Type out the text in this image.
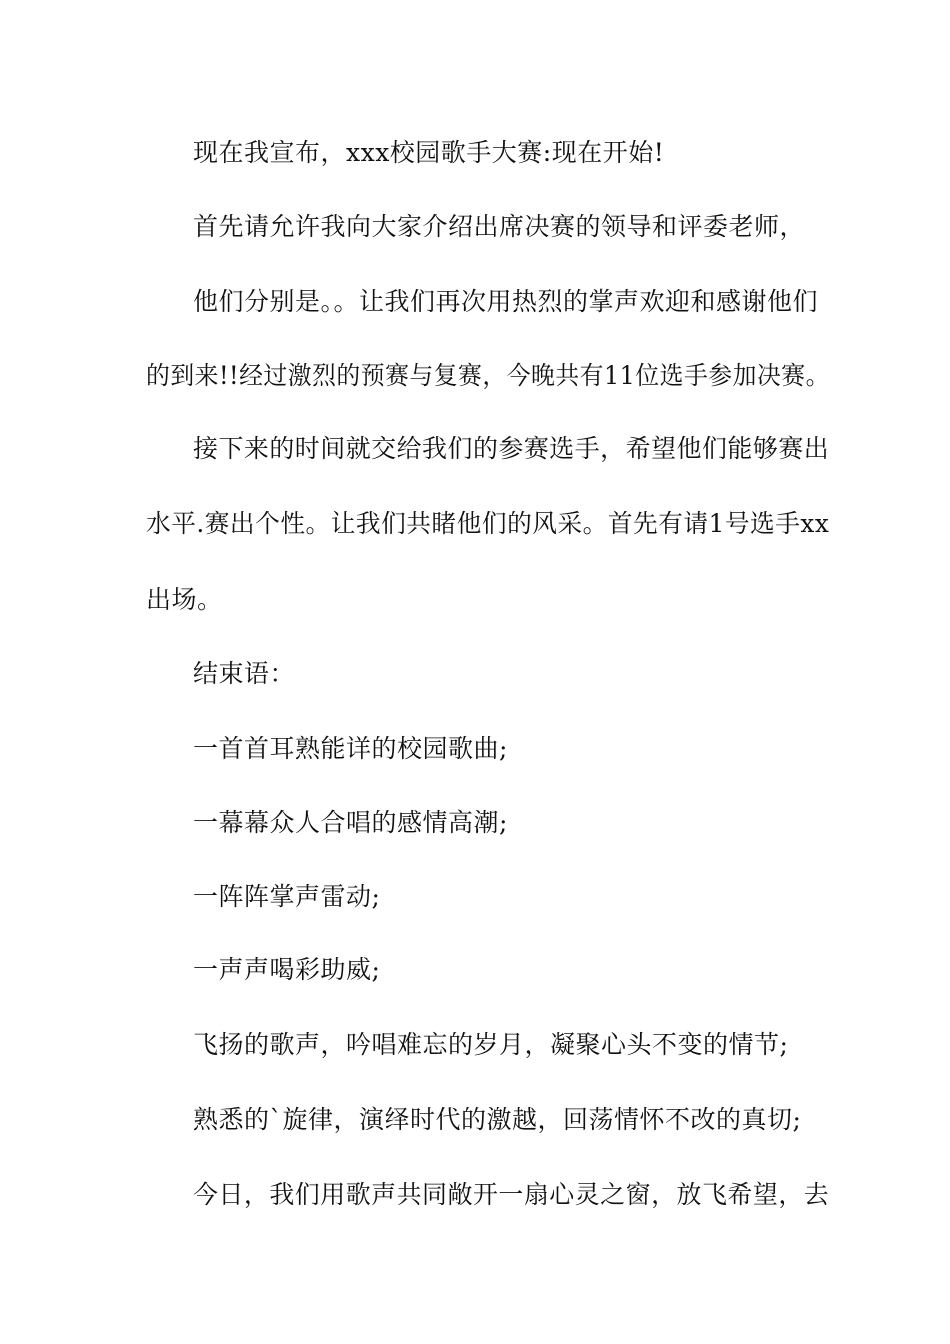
现在我宣布，xxx校园歌手大赛:现在开始!
首先请允许我向大家介绍出席决赛的领导和评委老师，
他们分别是。。让我们再次用热烈的掌声欢迎和感谢他们
的到来!!经过激烈的预赛与复赛，今晚共有11位选手参加决赛。
接下来的时间就交给我们的参赛选手，希望他们能够赛出
水平.赛出个性。让我们共睹他们的风采。首先有请1号选手xx
出场。
结束语：
一首首耳熟能详的校园歌曲;
一幕幕众人合唱的感情高潮;
一阵阵掌声雷动;
一声声喝彩助威;
飞扬的歌声，吟唱难忘的岁月，凝聚心头不变的情节;
熟悉的`旋律，演绎时代的激越，回荡情怀不改的真切;
今日，我们用歌声共同敞开一扇心灵之窗，放飞希望，去
